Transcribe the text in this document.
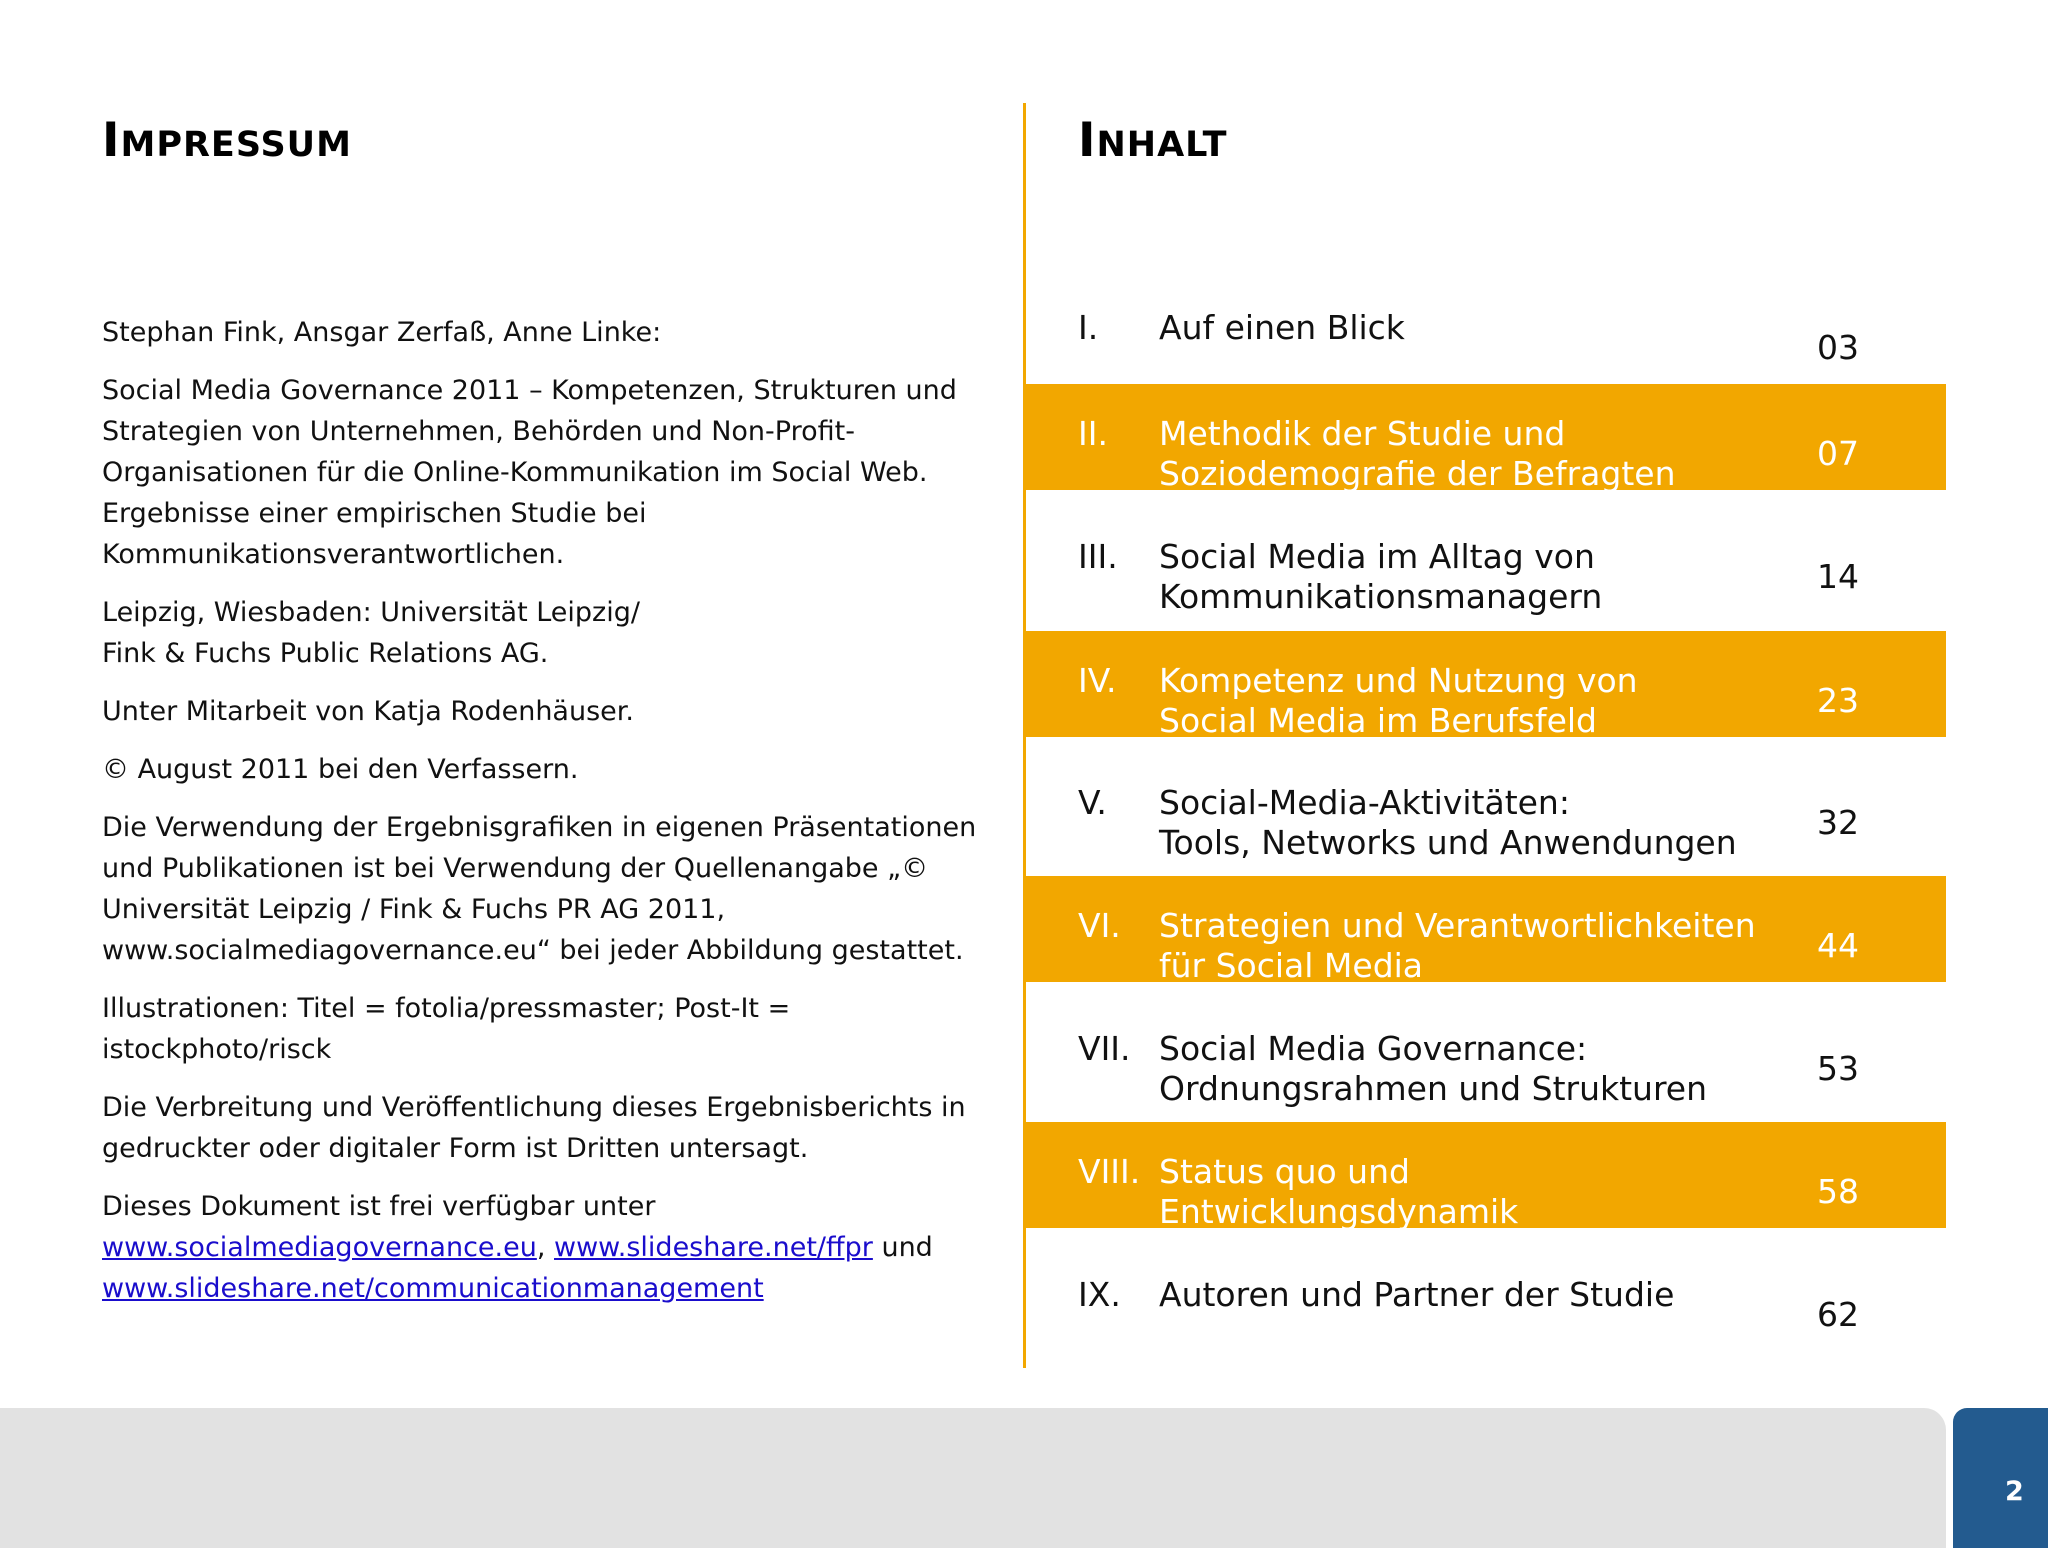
IMPRESSUM

Stephan Fink, Ansgar Zerfaß, Anne Linke:

Social Media Governance 2011 – Kompetenzen, Strukturen und Strategien von Unternehmen, Behörden und Non-Profit-Organisationen für die Online-Kommunikation im Social Web. Ergebnisse einer empirischen Studie bei Kommunikationsverantwortlichen.

Leipzig, Wiesbaden: Universität Leipzig/
Fink & Fuchs Public Relations AG.

Unter Mitarbeit von Katja Rodenhäuser.

© August 2011 bei den Verfassern.

Die Verwendung der Ergebnisgrafiken in eigenen Präsentationen und Publikationen ist bei Verwendung der Quellenangabe „© Universität Leipzig / Fink & Fuchs PR AG 2011, www.socialmediagovernance.eu“ bei jeder Abbildung gestattet.

Illustrationen: Titel = fotolia/pressmaster; Post-It = istockphoto/risck

Die Verbreitung und Veröffentlichung dieses Ergebnisberichts in gedruckter oder digitaler Form ist Dritten untersagt.

Dieses Dokument ist frei verfügbar unter
www.socialmediagovernance.eu, www.slideshare.net/ffpr und
www.slideshare.net/communicationmanagement

INHALT
I. Auf einen Blick
03
II. Methodik der Studie und
Soziodemografie der Befragten
07
III. Social Media im Alltag von
Kommunikationsmanagern
14
IV. Kompetenz und Nutzung von
Social Media im Berufsfeld
23
V. Social-Media-Aktivitäten:
Tools, Networks und Anwendungen
32
VI. Strategien und Verantwortlichkeiten
für Social Media
44
VII. Social Media Governance:
Ordnungsrahmen und Strukturen
53
VIII. Status quo und Entwicklungsdynamik
von Social Media in der PR
58
IX. Autoren und Partner der Studie
62
2
